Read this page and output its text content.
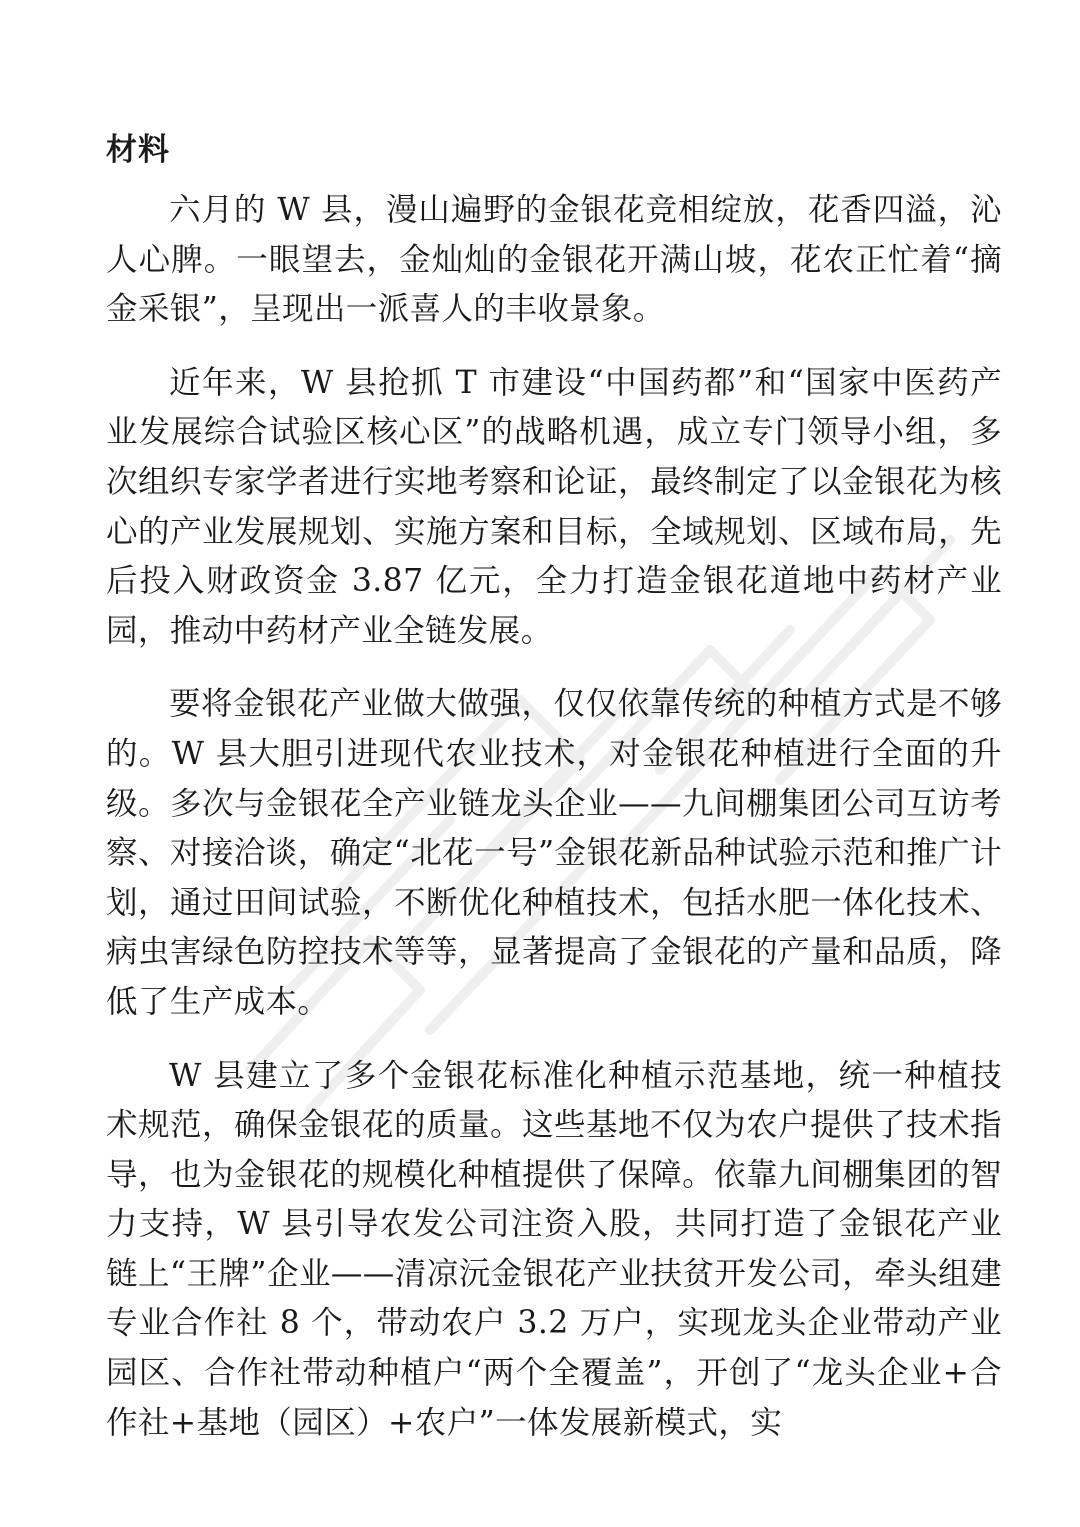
材料

六月的 W 县，漫山遍野的金银花竞相绽放，花香四溢，沁人心脾。一眼望去，金灿灿的金银花开满山坡，花农正忙着“摘金采银”，呈现出一派喜人的丰收景象。

近年来，W 县抢抓 T 市建设“中国药都”和“国家中医药产业发展综合试验区核心区”的战略机遇，成立专门领导小组，多次组织专家学者进行实地考察和论证，最终制定了以金银花为核心的产业发展规划、实施方案和目标，全域规划、区域布局，先后投入财政资金 3.87 亿元，全力打造金银花道地中药材产业园，推动中药材产业全链发展。

要将金银花产业做大做强，仅仅依靠传统的种植方式是不够的。W 县大胆引进现代农业技术，对金银花种植进行全面的升级。多次与金银花全产业链龙头企业——九间棚集团公司互访考察、对接洽谈，确定“北花一号”金银花新品种试验示范和推广计划，通过田间试验，不断优化种植技术，包括水肥一体化技术、病虫害绿色防控技术等等，显著提高了金银花的产量和品质，降低了生产成本。

W 县建立了多个金银花标准化种植示范基地，统一种植技术规范，确保金银花的质量。这些基地不仅为农户提供了技术指导，也为金银花的规模化种植提供了保障。依靠九间棚集团的智力支持，W 县引导农发公司注资入股，共同打造了金银花产业链上“王牌”企业——清凉沅金银花产业扶贫开发公司，牵头组建专业合作社 8 个，带动农户 3.2 万户，实现龙头企业带动产业园区、合作社带动种植户“两个全覆盖”，开创了“龙头企业+合作社+基地（园区）+农户”一体发展新模式，实
